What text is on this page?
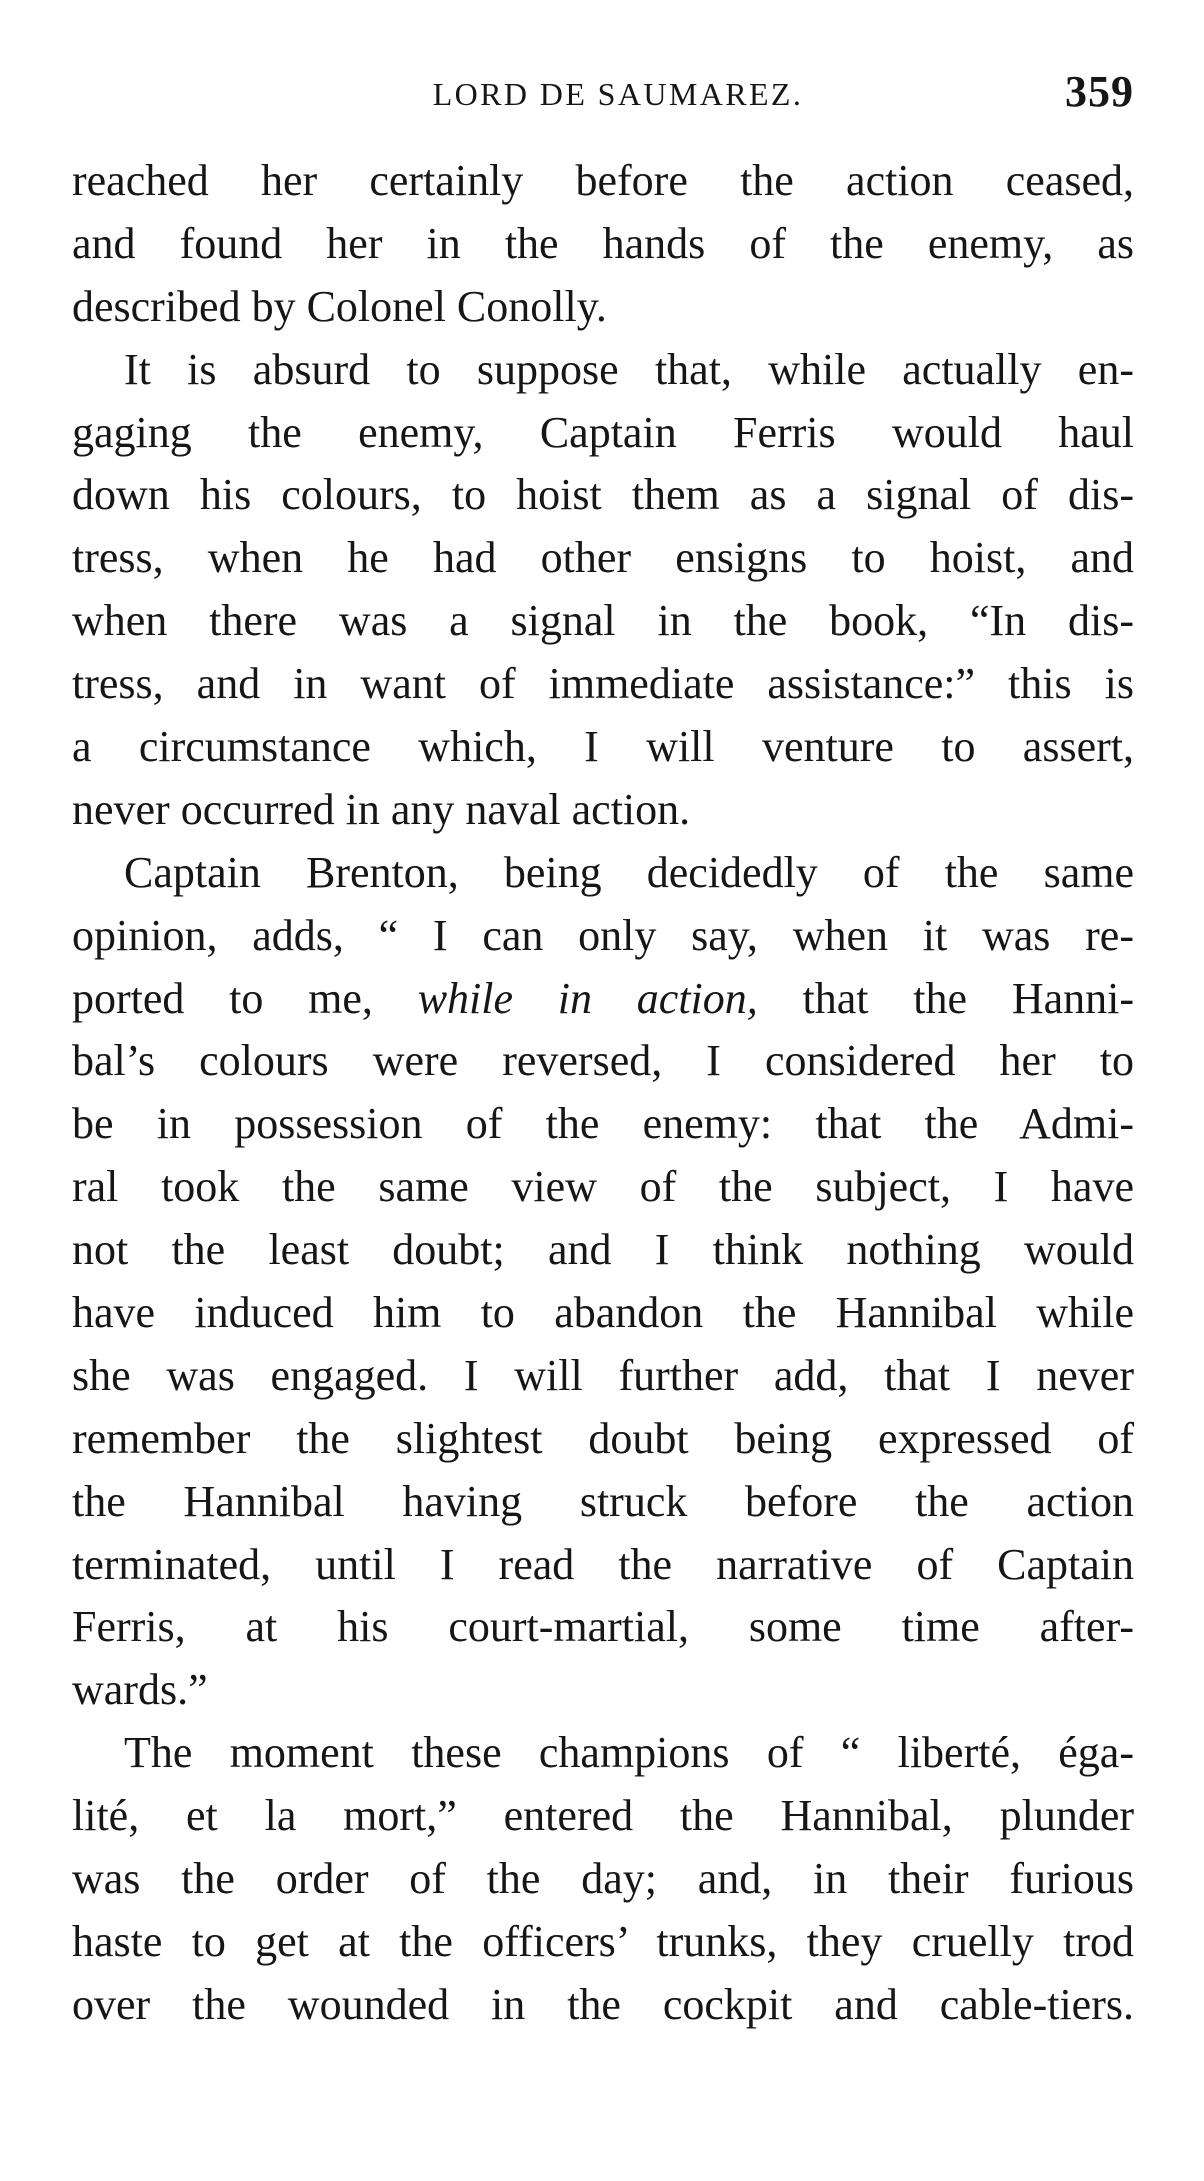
LORD DE SAUMAREZ.	359
reached her certainly before the action ceased,
and found her in the hands of the enemy, as
described by Colonel Conolly.
It is absurd to suppose that, while actually en-
gaging the enemy, Captain Ferris would haul
down his colours, to hoist them as a signal of dis-
tress, when he had other ensigns to hoist, and
when there was a signal in the book, “In dis-
tress, and in want of immediate assistance:” this is
a circumstance which, I will venture to assert,
never occurred in any naval action.
Captain Brenton, being decidedly of the same
opinion, adds, “ I can only say, when it was re-
ported to me, while in action, that the Hanni-
bal’s colours were reversed, I considered her to
be in possession of the enemy: that the Admi-
ral took the same view of the subject, I have
not the least doubt; and I think nothing would
have induced him to abandon the Hannibal while
she was engaged. I will further add, that I never
remember the slightest doubt being expressed of
the Hannibal having struck before the action
terminated, until I read the narrative of Captain
Ferris, at his court-martial, some time after-
wards.”
The moment these champions of “ liberté, éga-
lité, et la mort,” entered the Hannibal, plunder
was the order of the day; and, in their furious
haste to get at the officers’ trunks, they cruelly trod
over the wounded in the cockpit and cable-tiers.
